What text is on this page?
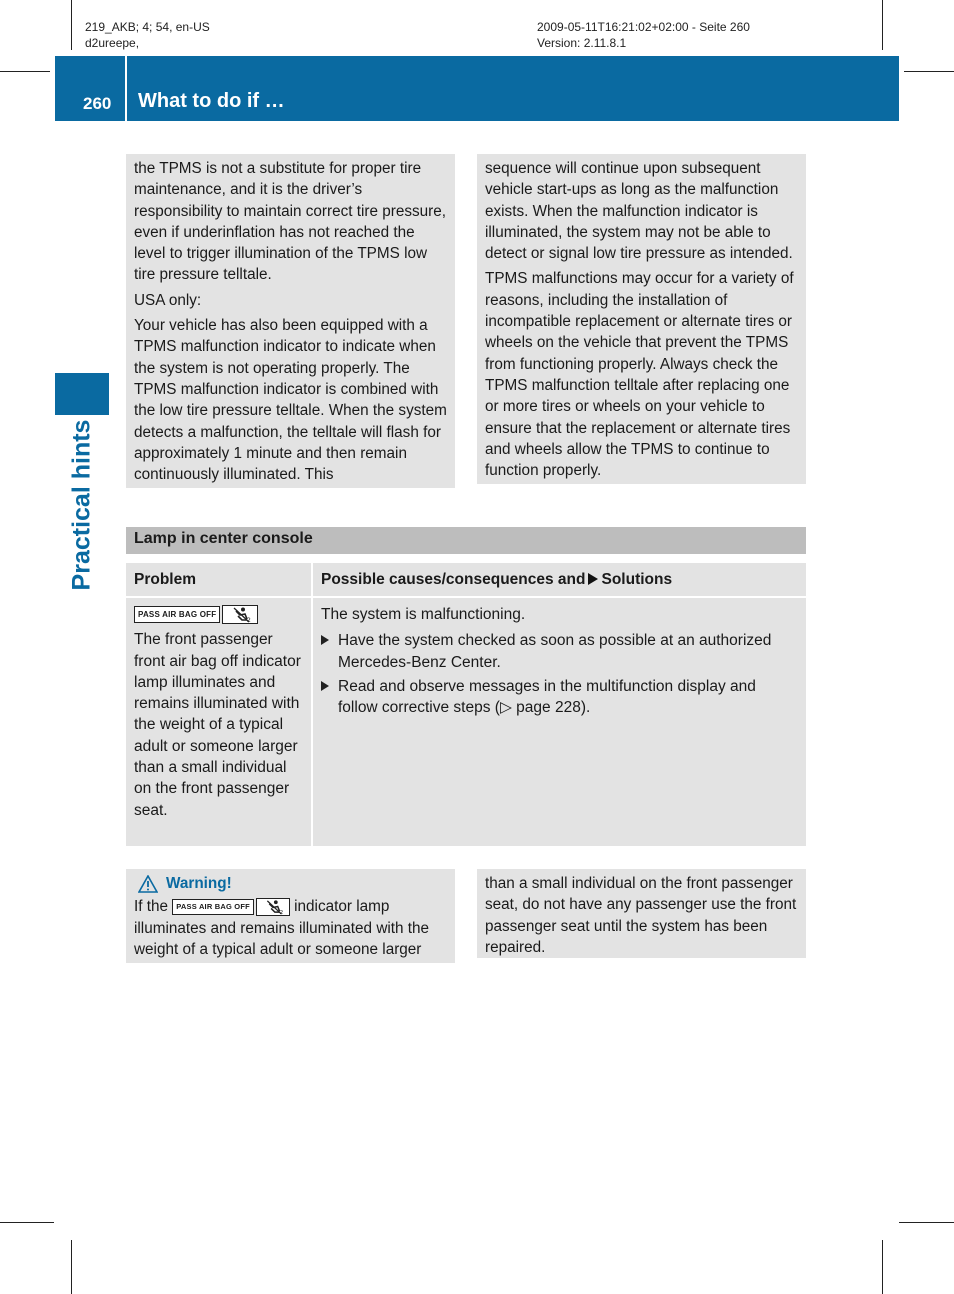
219_AKB; 4; 54, en-US
d2ureepe,
2009-05-11T16:21:02+02:00 - Seite 260
Version: 2.11.8.1
260 What to do if …
Practical hints

the TPMS is not a substitute for proper tire maintenance, and it is the driver’s responsibility to maintain correct tire pressure, even if underinflation has not reached the level to trigger illumination of the TPMS low tire pressure telltale.

USA only:

Your vehicle has also been equipped with a TPMS malfunction indicator to indicate when the system is not operating properly. The TPMS malfunction indicator is combined with the low tire pressure telltale. When the system detects a malfunction, the telltale will flash for approximately 1 minute and then remain continuously illuminated. This

sequence will continue upon subsequent vehicle start-ups as long as the malfunction exists. When the malfunction indicator is illuminated, the system may not be able to detect or signal low tire pressure as intended.

TPMS malfunctions may occur for a variety of reasons, including the installation of incompatible replacement or alternate tires or wheels on the vehicle that prevent the TPMS from functioning properly. Always check the TPMS malfunction telltale after replacing one or more tires or wheels on your vehicle to ensure that the replacement or alternate tires and wheels allow the TPMS to continue to function properly.

Lamp in center console
Problem	Possible causes/consequences and Solutions

PASS AIR BAG OFF
2

The front passenger front air bag off indicator lamp illuminates and remains illuminated with the weight of a typical adult or someone larger than a small individual on the front passenger seat.

The system is malfunctioning.

Have the system checked as soon as possible at an authorized Mercedes-Benz Center.
Read and observe messages in the multifunction display and follow corrective steps (▷ page 228).
Warning!
If the PASS AIR BAG OFF
2 indicator lamp illuminates and remains illuminated with the weight of a typical adult or someone larger

than a small individual on the front passenger seat, do not have any passenger use the front passenger seat until the system has been repaired.
